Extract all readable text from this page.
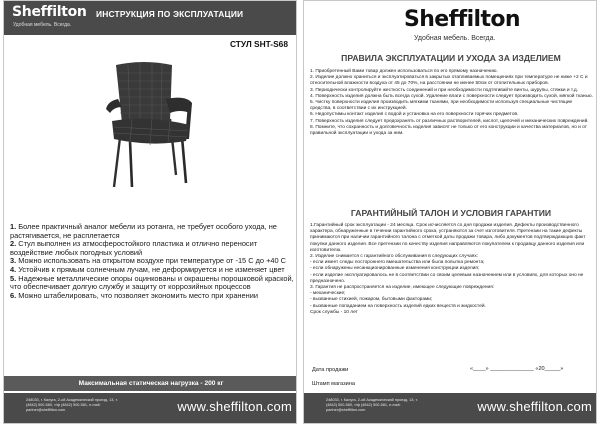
Sheffilton
Удобная мебель. Всегда.
ИНСТРУКЦИЯ ПО ЭКСПЛУАТАЦИИ
СТУЛ SHT-S68
1. Более практичный аналог мебели из ротанга, не требует особого ухода, не растягивается, не расплетается
2. Стул выполнен из атмосферостойкого пластика и отлично переносит воздействие любых погодных условий
3. Можно использовать на открытом воздухе при температуре от -15 С до +40 С
4. Устойчив к прямым солнечным лучам, не деформируется и не изменяет цвет
5. Надежные металлические опоры оцинкованы и окрашены порошковой краской, что обеспечивает долгую службу и защиту от коррозийных процессов
6. Можно штабелировать, что позволяет экономить место при хранении
Максимальная статическая нагрузка - 200 кг
248033, г. Калуга, 2-ой Академический проезд, 13, т. (4842) 500-580, т/ф (4842) 500-581, e-mail: partner@sheffilton.com	www.sheffilton.com
Sheffilton
Удобная мебель. Всегда.
ПРАВИЛА ЭКСПЛУАТАЦИИ И УХОДА ЗА ИЗДЕЛИЕМ
1. Приобретенный Вами товар должен использоваться по его прямому назначению.
2. Изделие должно храниться и эксплуатироваться в закрытых отапливаемых помещениях при температуре не ниже +2 С и относительной влажности воздуха от 45 до 70%, на расстоянии не менее 50см от отопительных приборов.
3. Периодически контролируйте жесткость соединений и при необходимости подтягивайте винты, шурупы, стяжки и т.д.
4. Поверхность изделия должна быть всегда сухой. Удаление влаги с поверхности следует производить сухой, мягкой тканью.
5. Чистку поверхности изделия производить мягкими тканями, при необходимости используя специальные чистящие средства, в соответствии с их инструкцией.
6. Недопустимы контакт изделия с водой и установка на его поверхности горячих предметов.
7. Поверхность изделия следует предохранять от различных растворителей, кислот, щелочей и механических повреждений.
8. Помните, что сохранность и долговечность изделия зависят не только от его конструкции и качества материалов, но и от правильной эксплуатации и ухода за ним.
ГАРАНТИЙНЫЙ ТАЛОН И УСЛОВИЯ ГАРАНТИИ

1.Гарантийный срок эксплуатации - 24 месяца. Срок исчисляется со дня продажи изделия. Дефекты производственного характера, обнаруженные в течении гарантийного срока, устраняются за счет изготовителя. Претензии на такие дефекты принимаются при наличии гарантийного талона с отметкой даты продажи товара, либо документов подтверждающих факт покупки данного изделия. Все претензии по качеству изделия направляются покупателем к продавцу данного изделия или изготовителю.

2. Изделие снимается с гарантийного обслуживания в следующих случаях:

- если имеет следы постороннего вмешательства или была попытка ремонта;

- если обнаружены несанкционированные изменения конструкции изделия;

- если изделие эксплуатировалось не в соответствии со своим целевым назначением или в условиях, для которых оно не предназначено.

3. Гарантия не распространяется на изделие, имеющее следующие повреждения:

- механические;

- вызванные стихией, пожаром, бытовыми факторами;

- вызванные попаданием на поверхность изделий едких веществ и жидкостей.

Срок службы - 10 лет

Дата продажи	«____» ______________ «20_____»
Штамп магазина
248033, г. Калуга, 2-ой Академический проезд, 13, т. (4842) 500-580, т/ф (4842) 500-581, e-mail: partner@sheffilton.com	www.sheffilton.com
